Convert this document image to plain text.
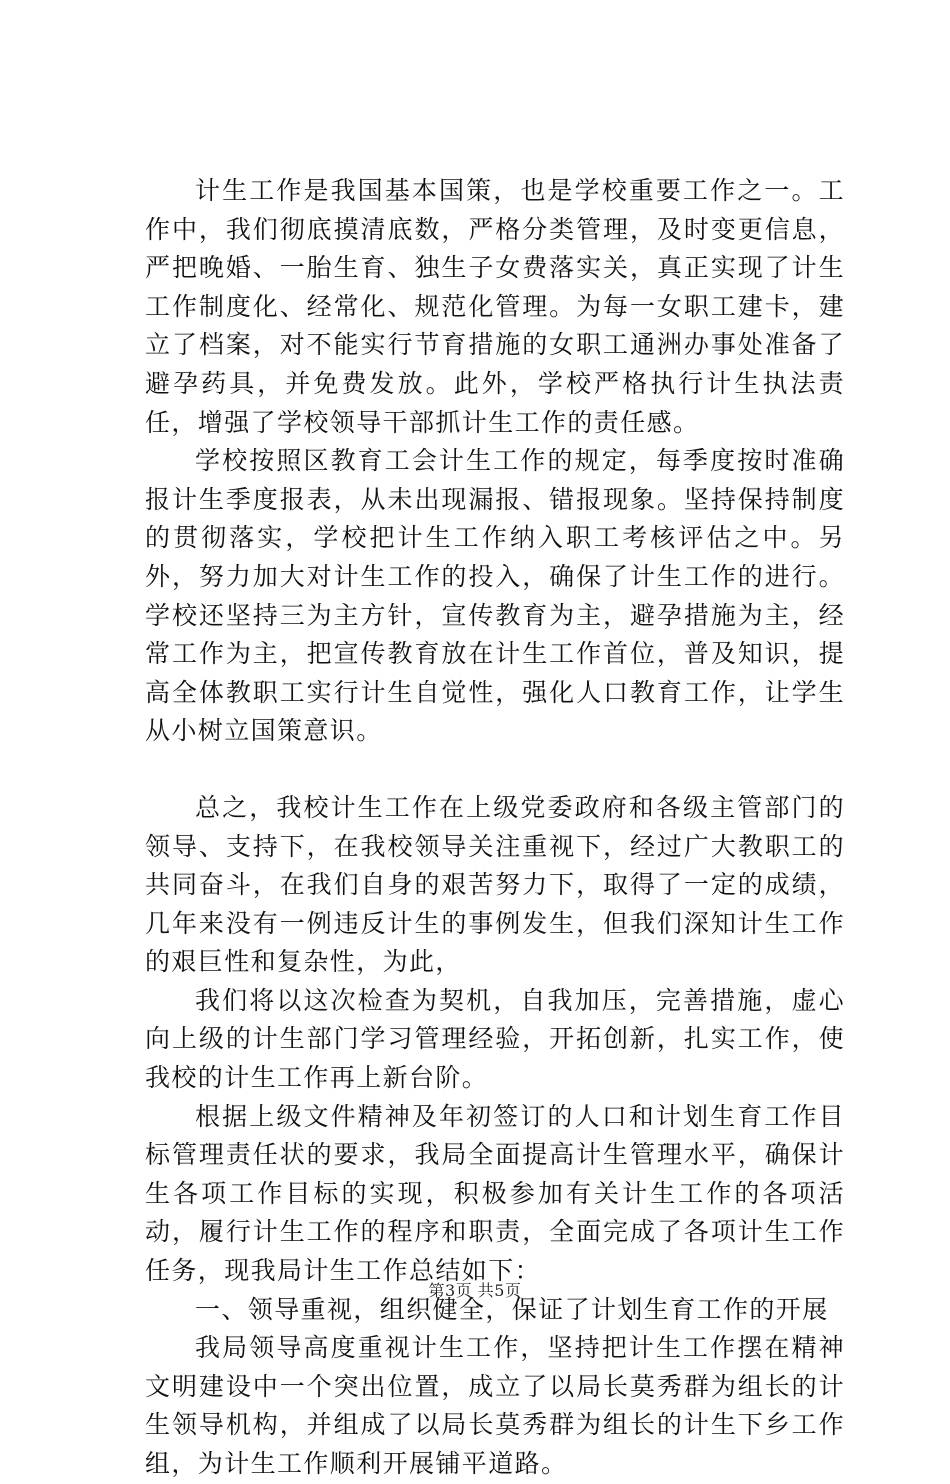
计生工作是我国基本国策，也是学校重要工作之一。工作中，我们彻底摸清底数，严格分类管理，及时变更信息，严把晚婚、一胎生育、独生子女费落实关，真正实现了计生工作制度化、经常化、规范化管理。为每一女职工建卡，建立了档案，对不能实行节育措施的女职工通洲办事处准备了避孕药具，并免费发放。此外，学校严格执行计生执法责任，增强了学校领导干部抓计生工作的责任感。

学校按照区教育工会计生工作的规定，每季度按时准确报计生季度报表，从未出现漏报、错报现象。坚持保持制度的贯彻落实，学校把计生工作纳入职工考核评估之中。另外，努力加大对计生工作的投入，确保了计生工作的进行。学校还坚持三为主方针，宣传教育为主，避孕措施为主，经常工作为主，把宣传教育放在计生工作首位，普及知识，提高全体教职工实行计生自觉性，强化人口教育工作，让学生从小树立国策意识。

总之，我校计生工作在上级党委政府和各级主管部门的领导、支持下，在我校领导关注重视下，经过广大教职工的共同奋斗，在我们自身的艰苦努力下，取得了一定的成绩，几年来没有一例违反计生的事例发生，但我们深知计生工作的艰巨性和复杂性，为此，

我们将以这次检查为契机，自我加压，完善措施，虚心向上级的计生部门学习管理经验，开拓创新，扎实工作，使我校的计生工作再上新台阶。

根据上级文件精神及年初签订的人口和计划生育工作目标管理责任状的要求，我局全面提高计生管理水平，确保计生各项工作目标的实现，积极参加有关计生工作的各项活动，履行计生工作的程序和职责，全面完成了各项计生工作任务，现我局计生工作总结如下：

一、领导重视，组织健全，保证了计划生育工作的开展

我局领导高度重视计生工作，坚持把计生工作摆在精神文明建设中一个突出位置，成立了以局长莫秀群为组长的计生领导机构，并组成了以局长莫秀群为组长的计生下乡工作组，为计生工作顺利开展铺平道路。

第3页 共5页
